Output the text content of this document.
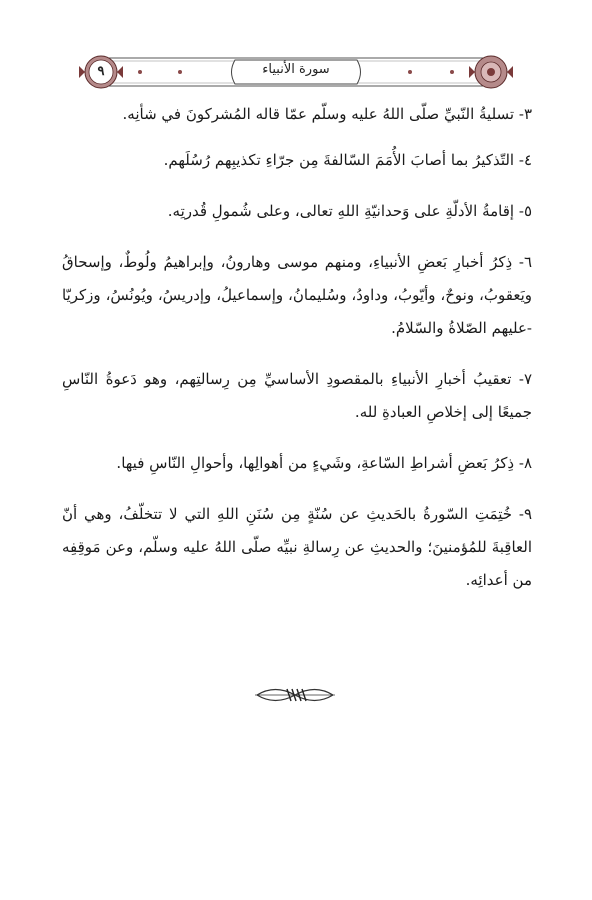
٩	سورة الأنبياء

٣- تسليةُ النّبيِّ صلّى اللهُ عليه وسلّم عمّا قاله المُشركونَ في شأنِه.

٤- التّذكيرُ بما أصابَ الأُمَمَ السّالفةَ مِن جرّاءِ تكذيبِهم رُسُلَهم.

٥- إقامةُ الأدلّةِ على وَحدانيّةِ اللهِ تعالى، وعلى شُمولِ قُدرتِه.

٦- ذِكرُ أخبارِ بَعضِ الأنبياءِ، ومنهم موسى وهارونُ، وإبراهيمُ ولُوطٌ، وإسحاقُ ويَعقوبُ، ونوحٌ، وأيّوبُ، وداودُ، وسُليمانُ، وإسماعيلُ، وإدريسُ، ويُونُسُ، وزكريّا -عليهم الصّلاةُ والسّلامُ.

٧- تعقيبُ أخبارِ الأنبياءِ بالمقصودِ الأساسيِّ مِن رِسالتِهم، وهو دَعوةُ النّاسِ جميعًا إلى إخلاصِ العبادةِ لله.

٨- ذِكرُ بَعضِ أشراطِ السّاعةِ، وشَيءٍ من أهوالِها، وأحوالِ النّاسِ فيها.

٩- خُتِمَتِ السّورةُ بالحَديثِ عن سُنّةٍ مِن سُنَنِ اللهِ التي لا تتخلّفُ، وهي أنّ العاقِبةَ للمُؤمنينَ؛ والحديثِ عن رِسالةِ نبيِّه صلّى اللهُ عليه وسلّم، وعن مَوقِفِه من أعدائِه.
